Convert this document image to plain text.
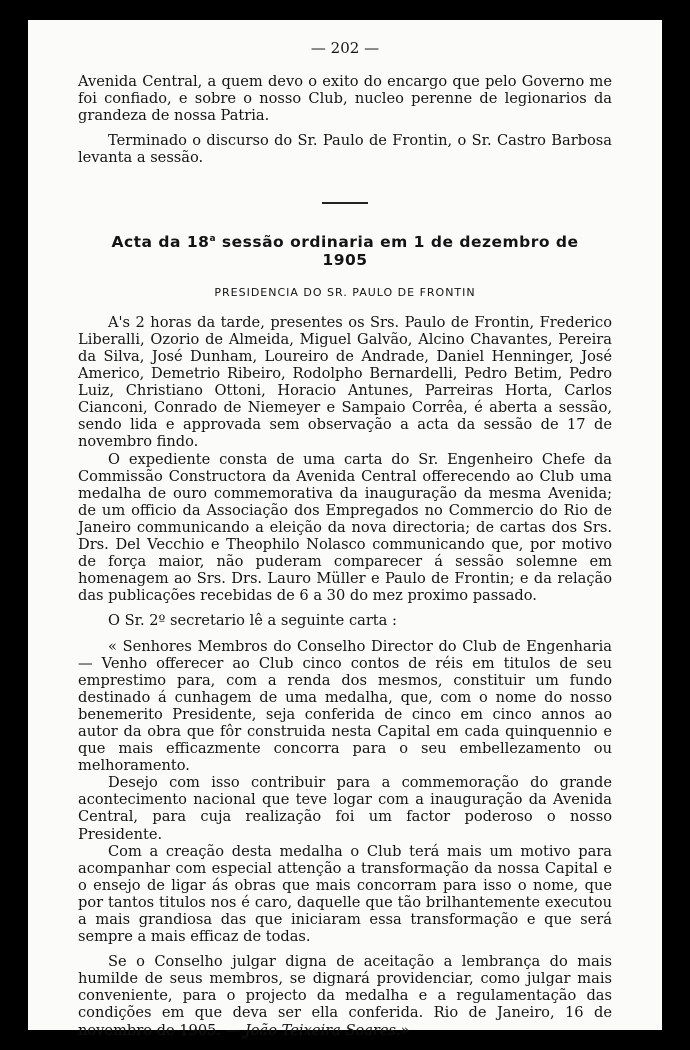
— 202 —

Avenida Central, a quem devo o exito do encargo que pelo Governo me foi confiado, e sobre o nosso Club, nucleo perenne de legionarios da grandeza de nossa Patria.

Terminado o discurso do Sr. Paulo de Frontin, o Sr. Castro Barbosa levanta a sessão.

Acta da 18$^a$ sessão ordinaria em 1 de dezembro de 1905
PRESIDENCIA DO SR. PAULO DE FRONTIN

A's 2 horas da tarde, presentes os Srs. Paulo de Frontin, Frederico Liberalli, Ozorio de Almeida, Miguel Galvão, Alcino Chavantes, Pereira da Silva, José Dunham, Loureiro de Andrade, Daniel Henninger, José Americo, Demetrio Ribeiro, Rodolpho Bernardelli, Pedro Betim, Pedro Luiz, Christiano Ottoni, Horacio Antunes, Parreiras Horta, Carlos Cianconi, Conrado de Niemeyer e Sampaio Corrêa, é aberta a sessão, sendo lida e approvada sem observação a acta da sessão de 17 de novembro findo.

O expediente consta de uma carta do Sr. Engenheiro Chefe da Commissão Constructora da Avenida Central offerecendo ao Club uma medalha de ouro commemorativa da inauguração da mesma Avenida; de um officio da Associação dos Empregados no Commercio do Rio de Janeiro communicando a eleição da nova directoria; de cartas dos Srs. Drs. Del Vecchio e Theophilo Nolasco communicando que, por motivo de força maior, não puderam comparecer á sessão solemne em homenagem ao Srs. Drs. Lauro Müller e Paulo de Frontin; e da relação das publicações recebidas de 6 a 30 do mez proximo passado.

O Sr. 2º secretario lê a seguinte carta :

« Senhores Membros do Conselho Director do Club de Engenharia — Venho offerecer ao Club cinco contos de réis em titulos de seu emprestimo para, com a renda dos mesmos, constituir um fundo destinado á cunhagem de uma medalha, que, com o nome do nosso benemerito Presidente, seja conferida de cinco em cinco annos ao autor da obra que fôr construida nesta Capital em cada quinquennio e que mais efficazmente concorra para o seu embellezamento ou melhoramento.

Desejo com isso contribuir para a commemoração do grande acontecimento nacional que teve logar com a inauguração da Avenida Central, para cuja realização foi um factor poderoso o nosso Presidente.

Com a creação desta medalha o Club terá mais um motivo para acompanhar com especial attenção a transformação da nossa Capital e o ensejo de ligar ás obras que mais concorram para isso o nome, que por tantos titulos nos é caro, daquelle que tão brilhantemente executou a mais grandiosa das que iniciaram essa transformação e que será sempre a mais efficaz de todas.

Se o Conselho julgar digna de aceitação a lembrança do mais humilde de seus membros, se dignará providenciar, como julgar mais conveniente, para o projecto da medalha e a regulamentação das condições em que deva ser ella conferida. Rio de Janeiro, 16 de novembro de 1905. — João Teixeira Soares.»
